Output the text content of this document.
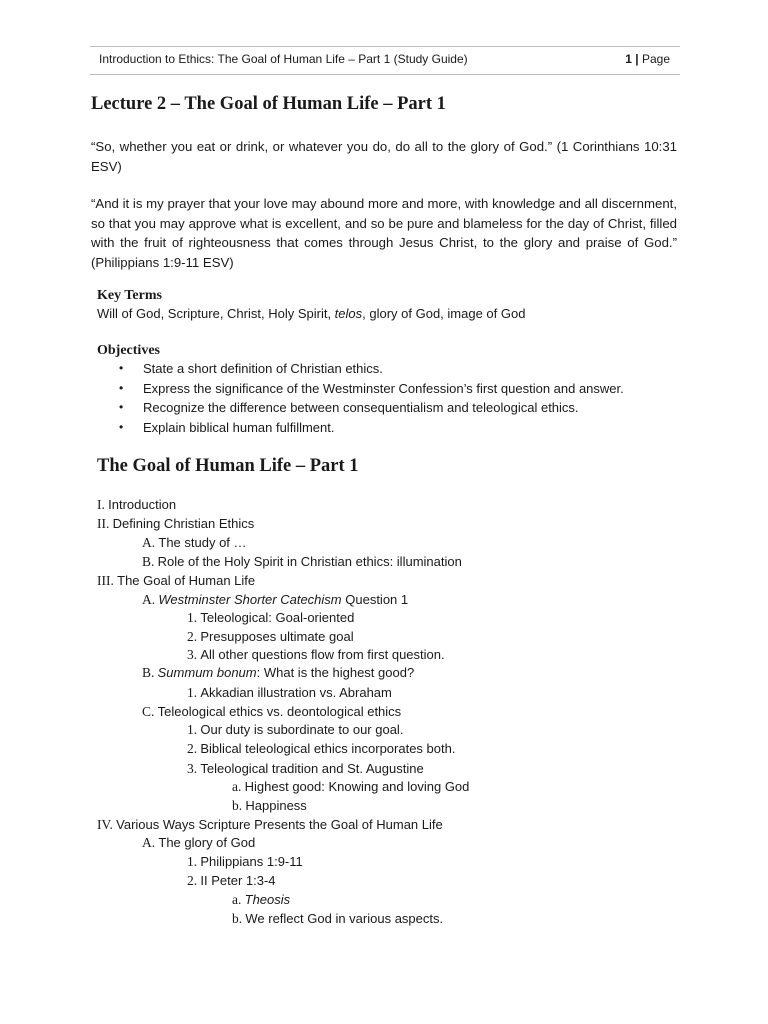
Introduction to Ethics: The Goal of Human Life – Part 1 (Study Guide)	1 | Page
Lecture 2 – The Goal of Human Life – Part 1
“So, whether you eat or drink, or whatever you do, do all to the glory of God.” (1 Corinthians 10:31 ESV)
“And it is my prayer that your love may abound more and more, with knowledge and all discernment, so that you may approve what is excellent, and so be pure and blameless for the day of Christ, filled with the fruit of righteousness that comes through Jesus Christ, to the glory and praise of God.” (Philippians 1:9-11 ESV)
Key Terms
Will of God, Scripture, Christ, Holy Spirit, telos, glory of God, image of God
Objectives
• State a short definition of Christian ethics.
• Express the significance of the Westminster Confession’s first question and answer.
• Recognize the difference between consequentialism and teleological ethics.
• Explain biblical human fulfillment.
The Goal of Human Life – Part 1
I. Introduction
II. Defining Christian Ethics
A. The study of …
B. Role of the Holy Spirit in Christian ethics: illumination
III. The Goal of Human Life
A. Westminster Shorter Catechism Question 1
1. Teleological: Goal-oriented
2. Presupposes ultimate goal
3. All other questions flow from first question.
B. Summum bonum: What is the highest good?
1. Akkadian illustration vs. Abraham
C. Teleological ethics vs. deontological ethics
1. Our duty is subordinate to our goal.
2. Biblical teleological ethics incorporates both.
3. Teleological tradition and St. Augustine
a. Highest good: Knowing and loving God
b. Happiness
IV. Various Ways Scripture Presents the Goal of Human Life
A. The glory of God
1. Philippians 1:9-11
2. II Peter 1:3-4
a. Theosis
b. We reflect God in various aspects.
